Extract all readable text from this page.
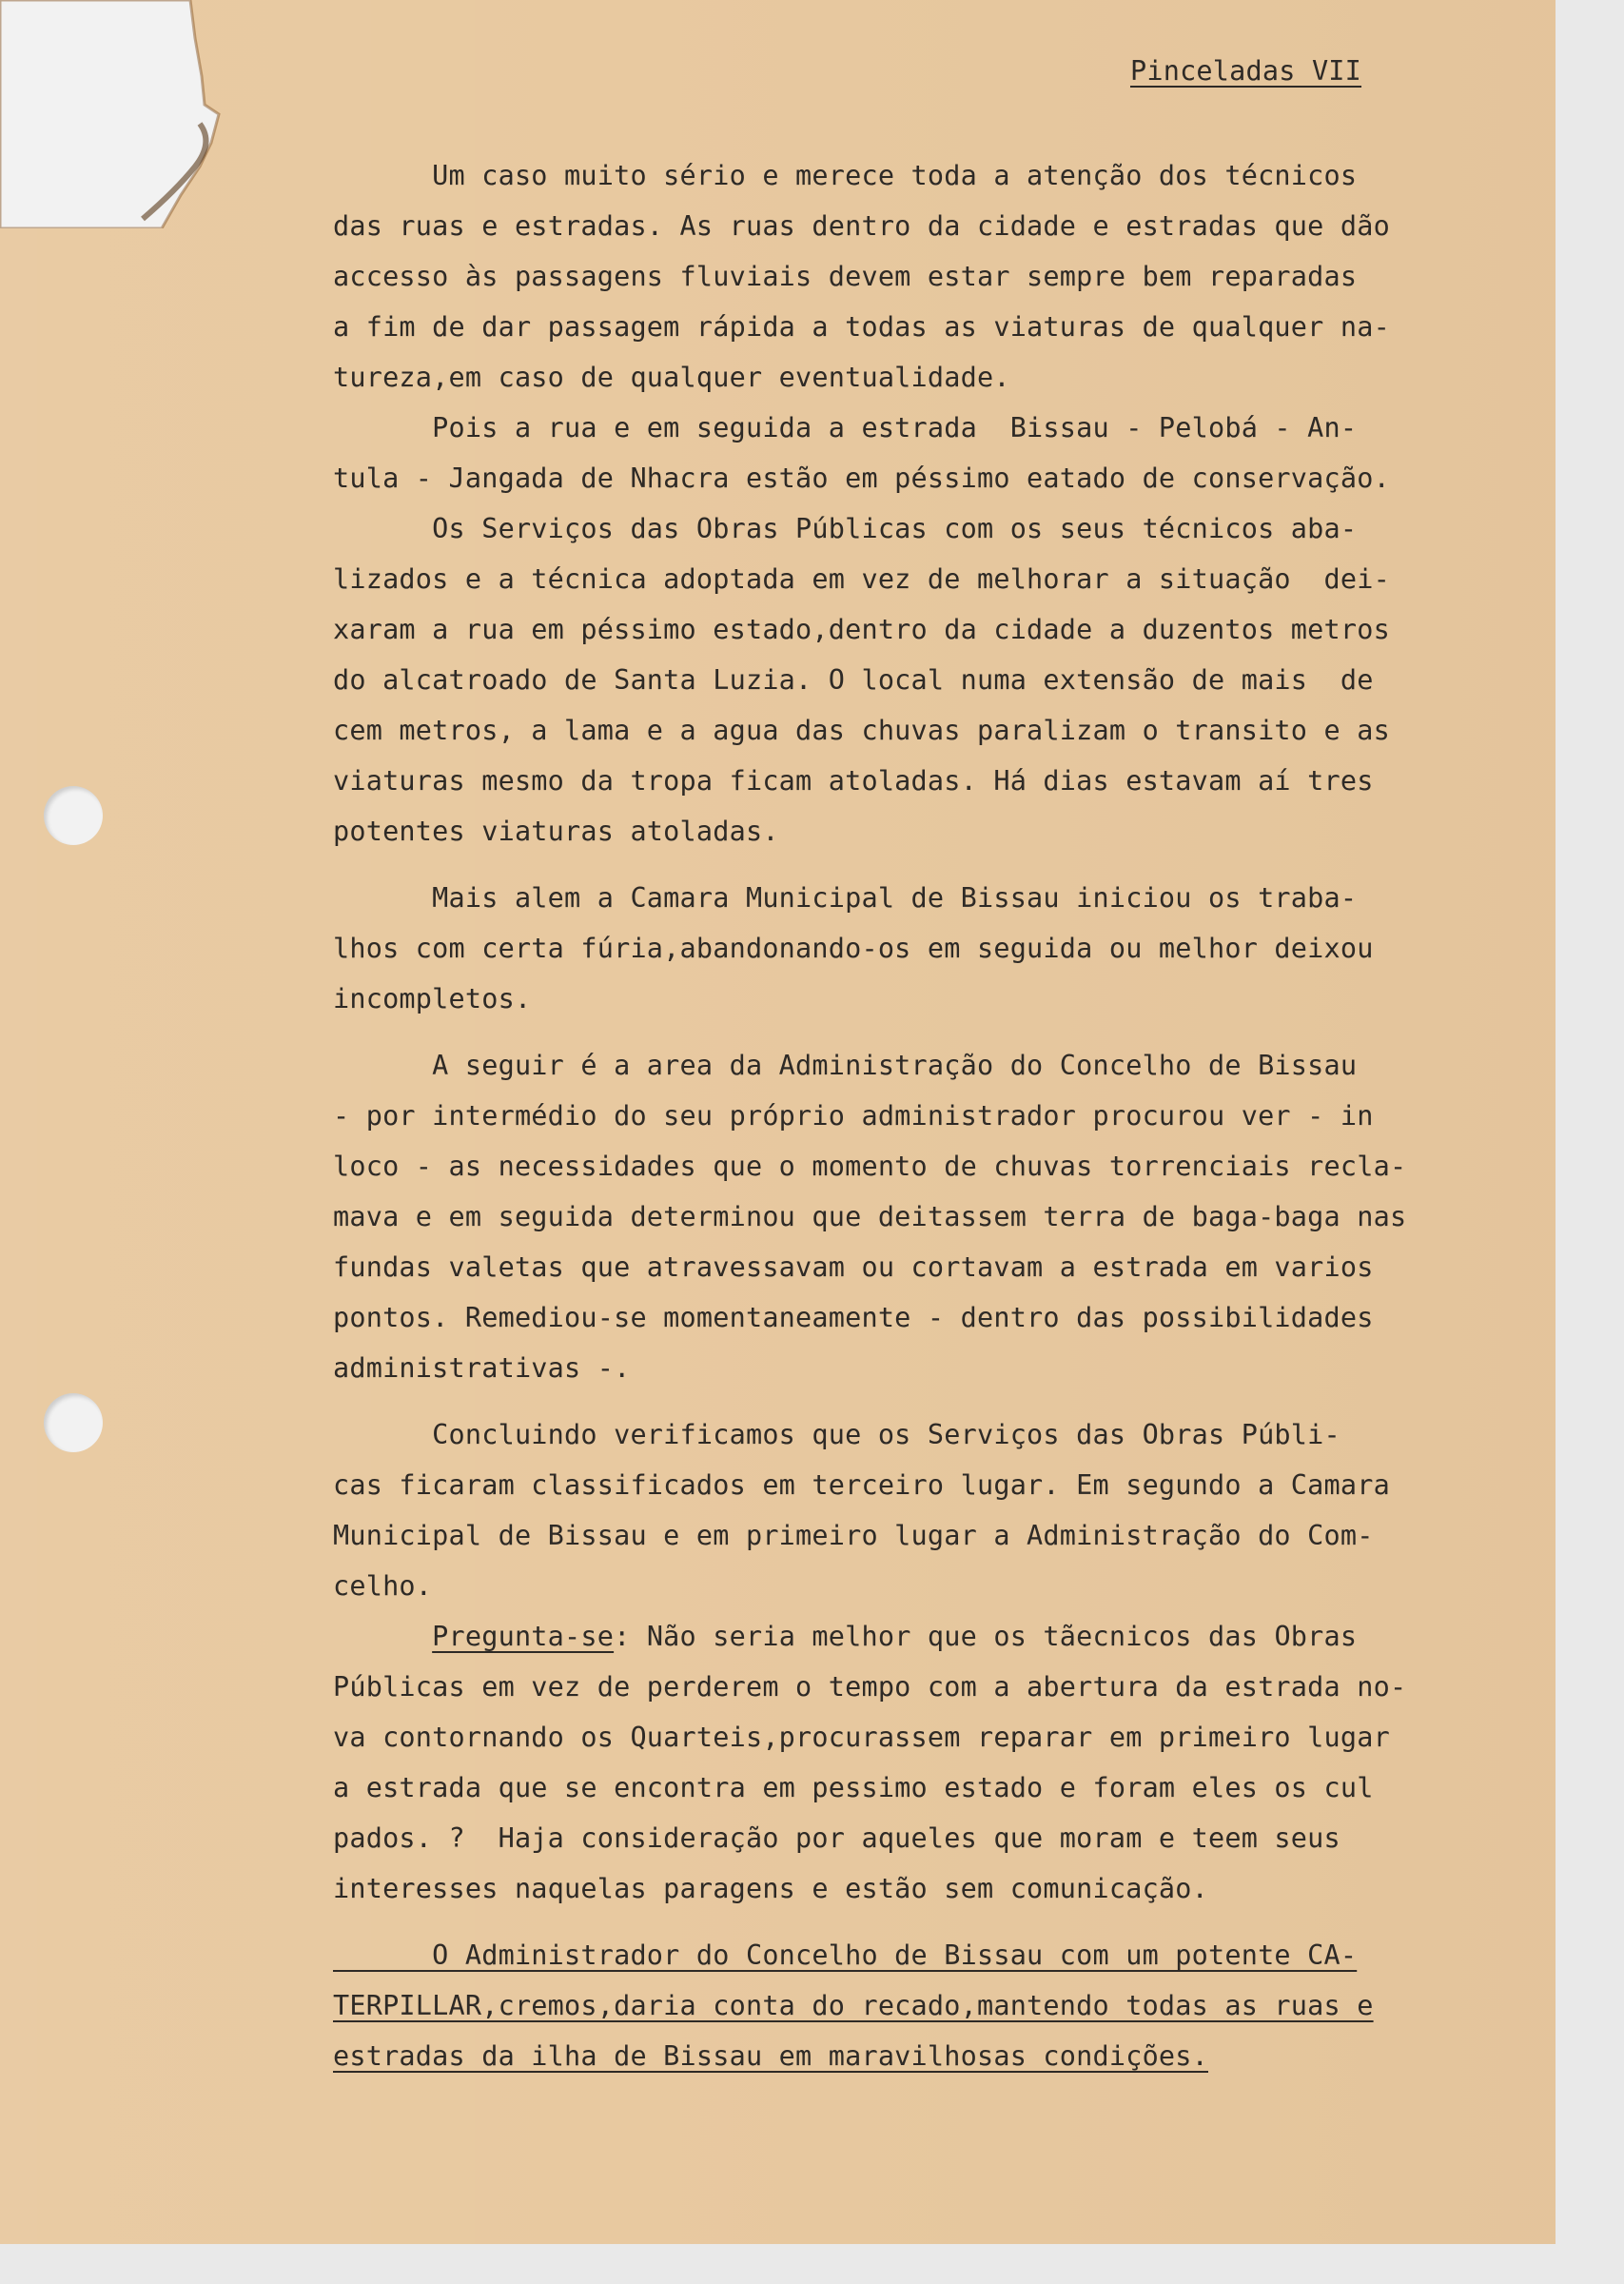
Pinceladas VII
Um caso muito sério e merece toda a atenção dos técnicos
das ruas e estradas. As ruas dentro da cidade e estradas que dão
accesso às passagens fluviais devem estar sempre bem reparadas
a fim de dar passagem rápida a todas as viaturas de qualquer na-
tureza,em caso de qualquer eventualidade.
Pois a rua e em seguida a estrada  Bissau - Pelobá - An-
tula - Jangada de Nhacra estão em péssimo eatado de conservação.
Os Serviços das Obras Públicas com os seus técnicos aba-
lizados e a técnica adoptada em vez de melhorar a situação  dei-
xaram a rua em péssimo estado,dentro da cidade a duzentos metros
do alcatroado de Santa Luzia. O local numa extensão de mais  de
cem metros, a lama e a agua das chuvas paralizam o transito e as
viaturas mesmo da tropa ficam atoladas. Há dias estavam aí tres
potentes viaturas atoladas.
Mais alem a Camara Municipal de Bissau iniciou os traba-
lhos com certa fúria,abandonando-os em seguida ou melhor deixou
incompletos.
A seguir é a area da Administração do Concelho de Bissau
- por intermédio do seu próprio administrador procurou ver - in
loco - as necessidades que o momento de chuvas torrenciais recla-
mava e em seguida determinou que deitassem terra de baga-baga nas
fundas valetas que atravessavam ou cortavam a estrada em varios
pontos. Remediou-se momentaneamente - dentro das possibilidades
administrativas -.
Concluindo verificamos que os Serviços das Obras Públi-
cas ficaram classificados em terceiro lugar. Em segundo a Camara
Municipal de Bissau e em primeiro lugar a Administração do Com-
celho.
Pregunta-se: Não seria melhor que os tãecnicos das Obras
Públicas em vez de perderem o tempo com a abertura da estrada no-
va contornando os Quarteis,procurassem reparar em primeiro lugar
a estrada que se encontra em pessimo estado e foram eles os cul
pados. ?  Haja consideração por aqueles que moram e teem seus
interesses naquelas paragens e estão sem comunicação.
O Administrador do Concelho de Bissau com um potente CA-
TERPILLAR,cremos,daria conta do recado,mantendo todas as ruas e
estradas da ilha de Bissau em maravilhosas condições.
